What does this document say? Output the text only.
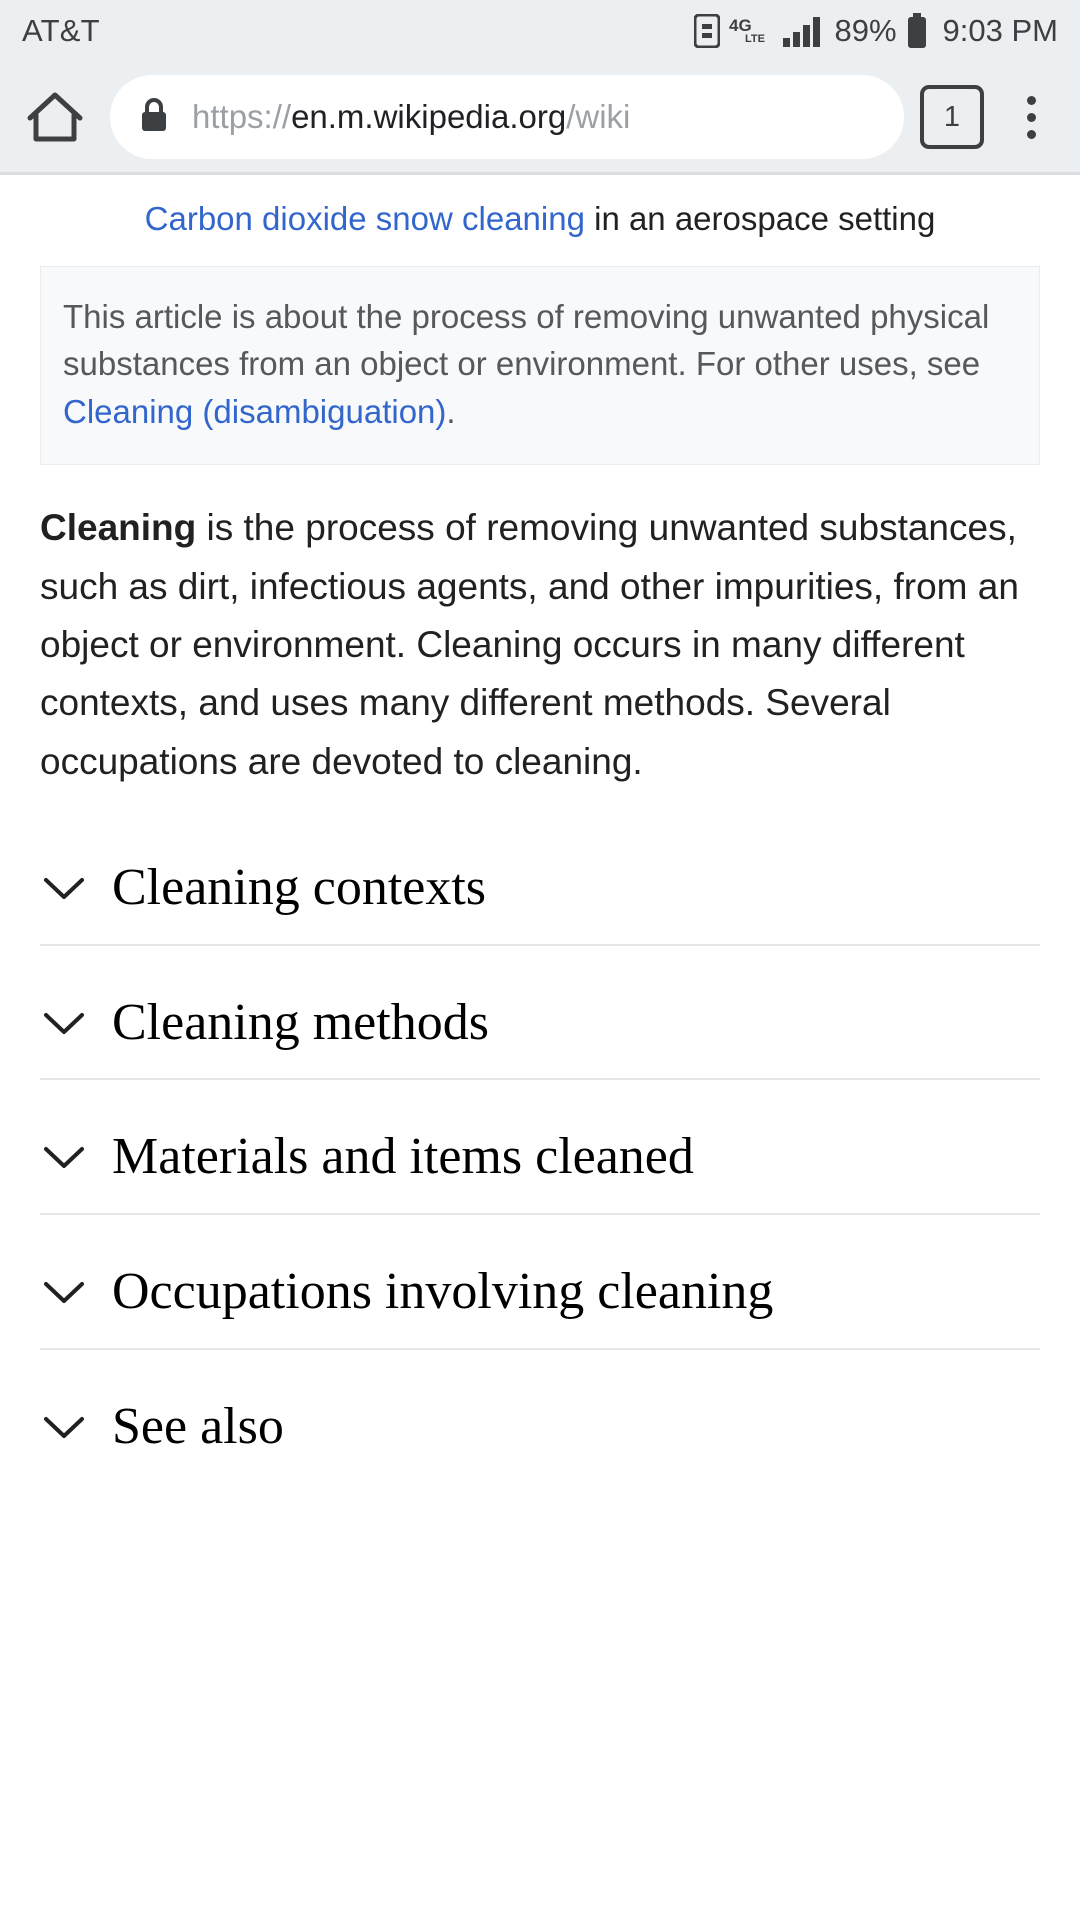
AT&T	4G
LTE 89% 9:03 PM
https://en.m.wikipedia.org/wiki	1
Carbon dioxide snow cleaning in an aerospace setting
This article is about the process of removing unwanted physical substances from an object or environment. For other uses, see Cleaning (disambiguation).

Cleaning is the process of removing unwanted substances, such as dirt, infectious agents, and other impurities, from an object or environment. Cleaning occurs in many different contexts, and uses many different methods. Several occupations are devoted to cleaning.

Cleaning contexts
Cleaning methods
Materials and items cleaned
Occupations involving cleaning
See also
